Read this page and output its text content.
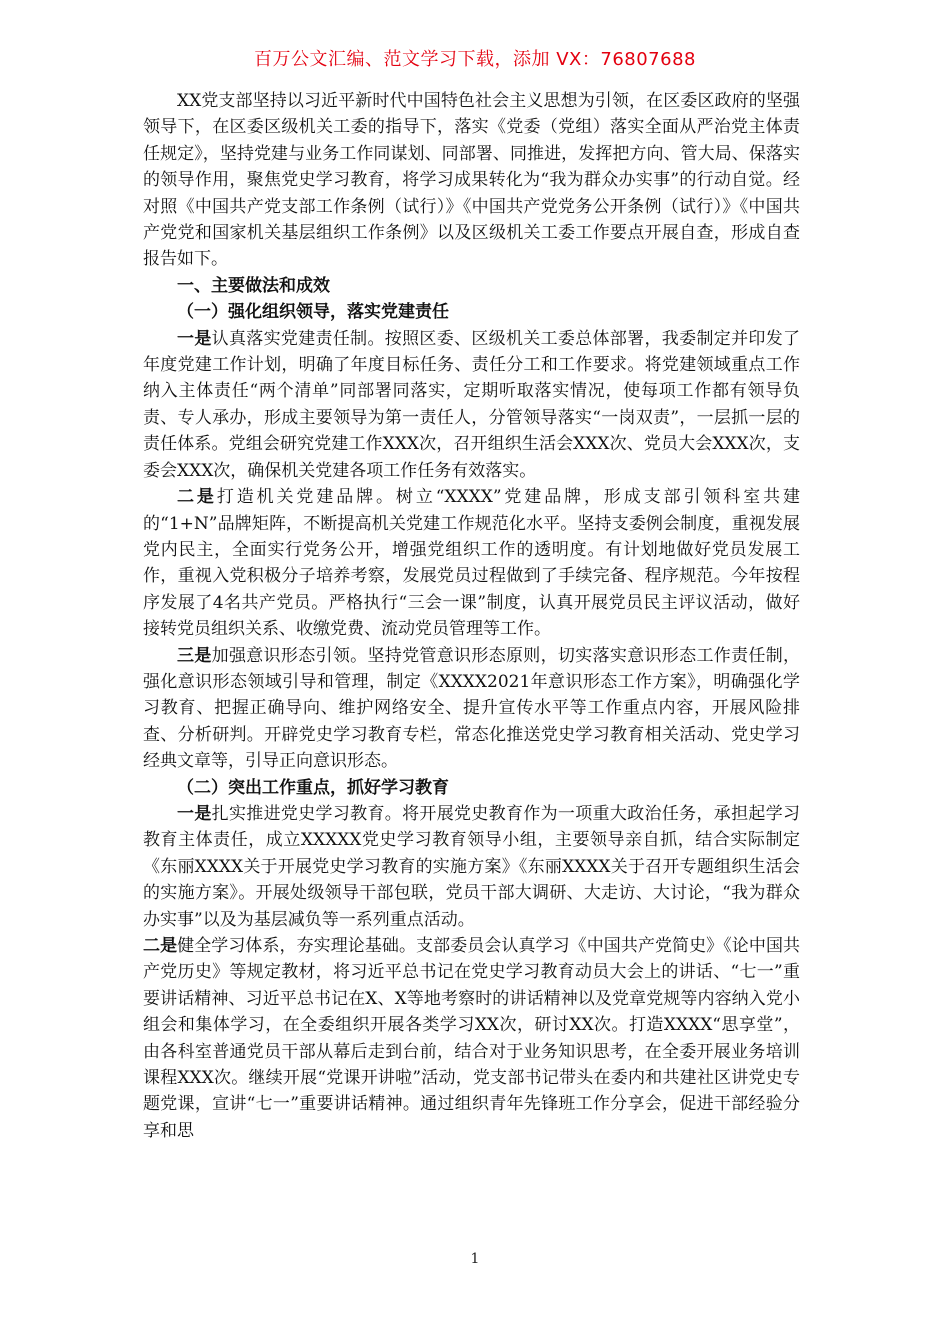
百万公文汇编、范文学习下载，添加 VX：76807688

XX党支部坚持以习近平新时代中国特色社会主义思想为引领，在区委区政府的坚强领导下，在区委区级机关工委的指导下，落实《党委（党组）落实全面从严治党主体责任规定》，坚持党建与业务工作同谋划、同部署、同推进，发挥把方向、管大局、保落实的领导作用，聚焦党史学习教育，将学习成果转化为“我为群众办实事”的行动自觉。经对照《中国共产党支部工作条例（试行）》《中国共产党党务公开条例（试行）》《中国共产党党和国家机关基层组织工作条例》以及区级机关工委工作要点开展自查，形成自查报告如下。

一、主要做法和成效
（一）强化组织领导，落实党建责任

一是认真落实党建责任制。按照区委、区级机关工委总体部署，我委制定并印发了年度党建工作计划，明确了年度目标任务、责任分工和工作要求。将党建领域重点工作纳入主体责任“两个清单”同部署同落实，定期听取落实情况，使每项工作都有领导负责、专人承办，形成主要领导为第一责任人，分管领导落实“一岗双责”，一层抓一层的责任体系。党组会研究党建工作XXX次，召开组织生活会XXX次、党员大会XXX次，支委会XXX次，确保机关党建各项工作任务有效落实。

二是打造机关党建品牌。树立“XXXX”党建品牌，形成支部引领科室共建的“1+N”品牌矩阵，不断提高机关党建工作规范化水平。坚持支委例会制度，重视发展党内民主，全面实行党务公开，增强党组织工作的透明度。有计划地做好党员发展工作，重视入党积极分子培养考察，发展党员过程做到了手续完备、程序规范。今年按程序发展了4名共产党员。严格执行“三会一课”制度，认真开展党员民主评议活动，做好接转党员组织关系、收缴党费、流动党员管理等工作。

三是加强意识形态引领。坚持党管意识形态原则，切实落实意识形态工作责任制，强化意识形态领域引导和管理，制定《XXXX2021年意识形态工作方案》，明确强化学习教育、把握正确导向、维护网络安全、提升宣传水平等工作重点内容，开展风险排查、分析研判。开辟党史学习教育专栏，常态化推送党史学习教育相关活动、党史学习经典文章等，引导正向意识形态。

（二）突出工作重点，抓好学习教育

一是扎实推进党史学习教育。将开展党史教育作为一项重大政治任务，承担起学习教育主体责任，成立XXXXX党史学习教育领导小组，主要领导亲自抓，结合实际制定《东丽XXXX关于开展党史学习教育的实施方案》《东丽XXXX关于召开专题组织生活会的实施方案》。开展处级领导干部包联，党员干部大调研、大走访、大讨论，“我为群众办实事”以及为基层减负等一系列重点活动。

二是健全学习体系，夯实理论基础。支部委员会认真学习《中国共产党简史》《论中国共产党历史》等规定教材，将习近平总书记在党史学习教育动员大会上的讲话、“七一”重要讲话精神、习近平总书记在X、X等地考察时的讲话精神以及党章党规等内容纳入党小组会和集体学习，在全委组织开展各类学习XX次，研讨XX次。打造XXXX“思享堂”，由各科室普通党员干部从幕后走到台前，结合对于业务知识思考，在全委开展业务培训课程XXX次。继续开展“党课开讲啦”活动，党支部书记带头在委内和共建社区讲党史专题党课，宣讲“七一”重要讲话精神。通过组织青年先锋班工作分享会，促进干部经验分享和思

1
